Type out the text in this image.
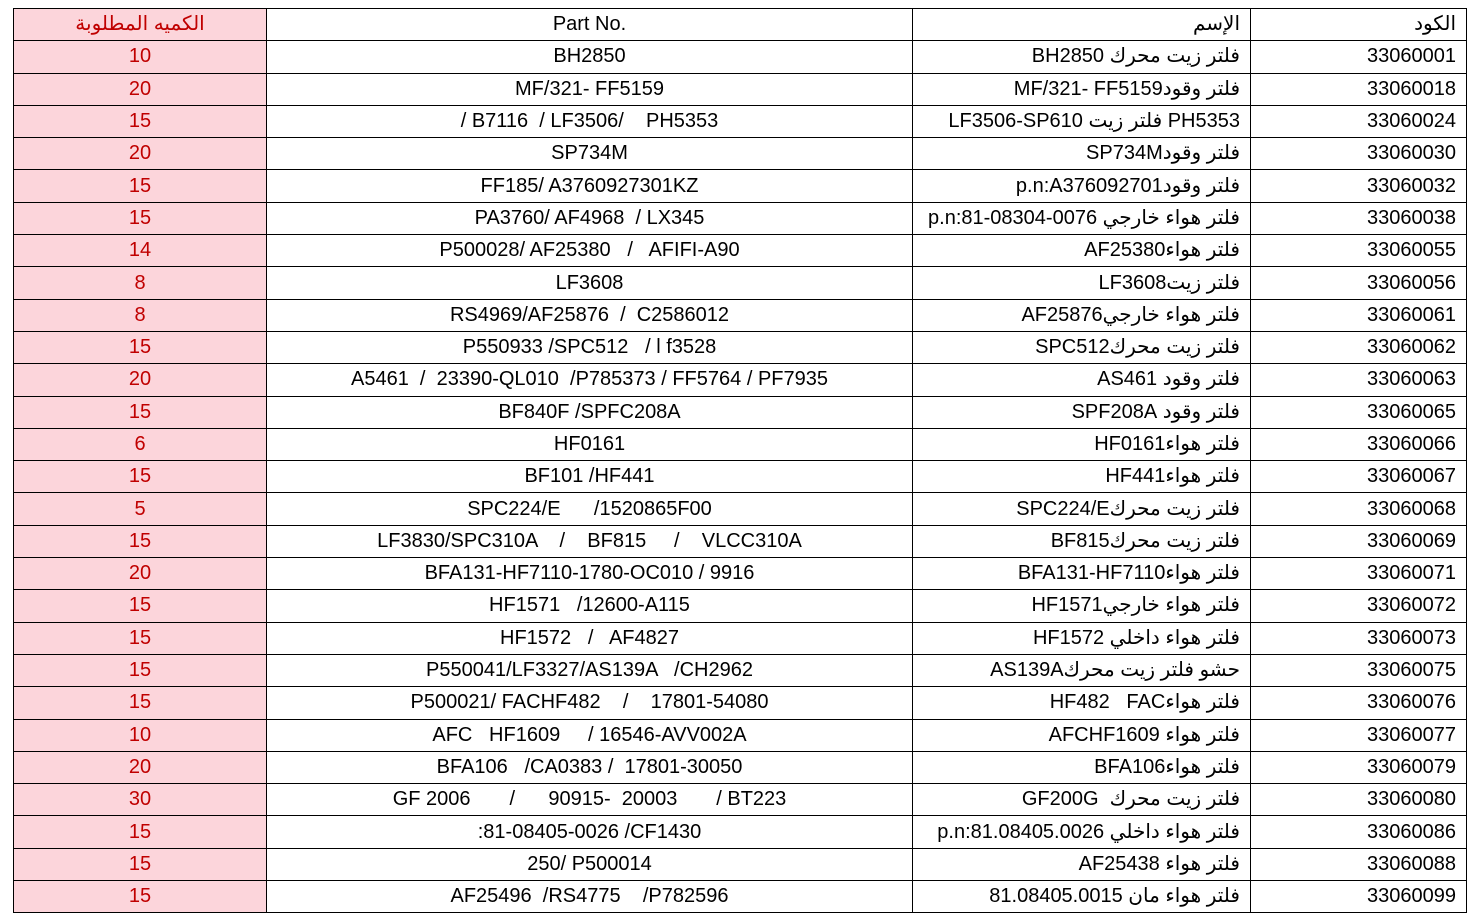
الكميه المطلوبة	Part No.	الإسم	الكود
10	BH2850	فلتر زيت محرك BH2850	33060001
20	MF/321- FF5159	فلتر وقودMF/321- FF5159	33060018
15	/ B7116  / LF3506/    PH5353	PH5353 فلتر زيت LF3506-SP610	33060024
20	SP734M	فلتر وقودSP734M	33060030
15	FF185/ A3760927301KZ	فلتر وقودp.n:A376092701	33060032
15	PA3760/ AF4968  / LX345	فلتر هواء خارجي p.n:81-08304-0076	33060038
14	P500028/ AF25380   /   AFIFI-A90	فلتر هواءAF25380	33060055
8	LF3608	فلتر زيتLF3608	33060056
8	RS4969/AF25876  /  C2586012	فلتر هواء خارجيAF25876	33060061
15	P550933 /SPC512   / l f3528	فلتر زيت محركSPC512	33060062
20	A5461  /  23390-QL010  /P785373 / FF5764 / PF7935	فلتر وقود AS461	33060063
15	BF840F /SPFC208A	فلتر وقود SPF208A	33060065
6	HF0161	فلتر هواءHF0161	33060066
15	BF101 /HF441	فلتر هواءHF441	33060067
5	SPC224/E      /1520865F00	فلتر زيت محركSPC224/E	33060068
15	LF3830/SPC310A    /    BF815     /    VLCC310A	فلتر زيت محركBF815	33060069
20	BFA131-HF7110-1780-OC010 / 9916	فلتر هواءBFA131-HF7110	33060071
15	HF1571   /12600-A115	فلتر هواء خارجيHF1571	33060072
15	HF1572   /   AF4827	فلتر هواء داخلي HF1572	33060073
15	P550041/LF3327/AS139A   /CH2962	حشو فلتر زيت محركAS139A	33060075
15	P500021/ FACHF482    /    17801-54080	فلتر هواءHF482   FAC	33060076
10	AFC   HF1609     / 16546-AVV002A	فلتر هواء AFCHF1609	33060077
20	BFA106   /CA0383 /  17801-30050	فلتر هواءBFA106	33060079
30	GF 2006       /      90915-  20003       / BT223	فلتر زيت محرك  GF200G	33060080
15	:81-08405-0026 /CF1430	فلتر هواء داخلي p.n:81.08405.0026	33060086
15	250/ P500014	فلتر هواء AF25438	33060088
15	AF25496  /RS4775    /P782596	فلتر هواء مان 81.08405.0015	33060099
